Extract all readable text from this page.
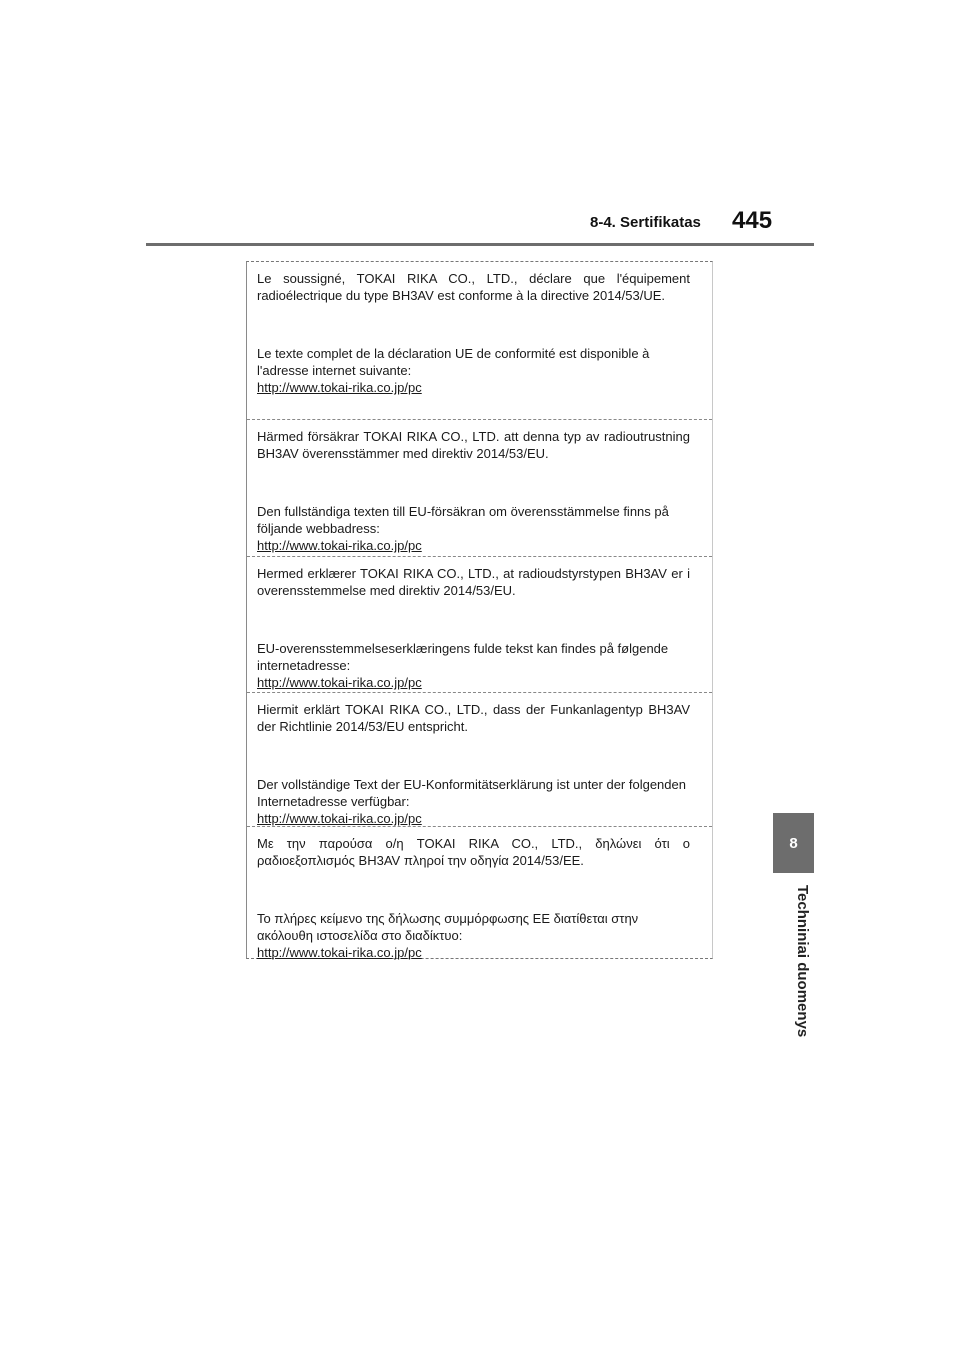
8-4. Sertifikatas 445
8
Techniniai duomenys
Le soussigné, TOKAI RIKA CO., LTD., déclare que l'équipement radioélectrique du type BH3AV est conforme à la directive 2014/53/UE.
Le texte complet de la déclaration UE de conformité est disponible à l'adresse internet suivante:
http://www.tokai-rika.co.jp/pc
Härmed försäkrar TOKAI RIKA CO., LTD. att denna typ av radioutrustning BH3AV överensstämmer med direktiv 2014/53/EU.
Den fullständiga texten till EU-försäkran om överensstämmelse finns på följande webbadress:
http://www.tokai-rika.co.jp/pc
Hermed erklærer TOKAI RIKA CO., LTD., at radioudstyrstypen BH3AV er i overensstemmelse med direktiv 2014/53/EU.
EU-overensstemmelseserklæringens fulde tekst kan findes på følgende internetadresse:
http://www.tokai-rika.co.jp/pc
Hiermit erklärt TOKAI RIKA CO., LTD., dass der Funkanlagentyp BH3AV der Richtlinie 2014/53/EU entspricht.
Der vollständige Text der EU-Konformitätserklärung ist unter der folgenden Internetadresse verfügbar:
http://www.tokai-rika.co.jp/pc
Με την παρούσα ο/η TOKAI RIKA CO., LTD., δηλώνει ότι ο ραδιοεξοπλισμός BH3AV πληροί την οδηγία 2014/53/ΕΕ.
Το πλήρες κείμενο της δήλωσης συμμόρφωσης ΕΕ διατίθεται στην ακόλουθη ιστοσελίδα στο διαδίκτυο:
http://www.tokai-rika.co.jp/pc
